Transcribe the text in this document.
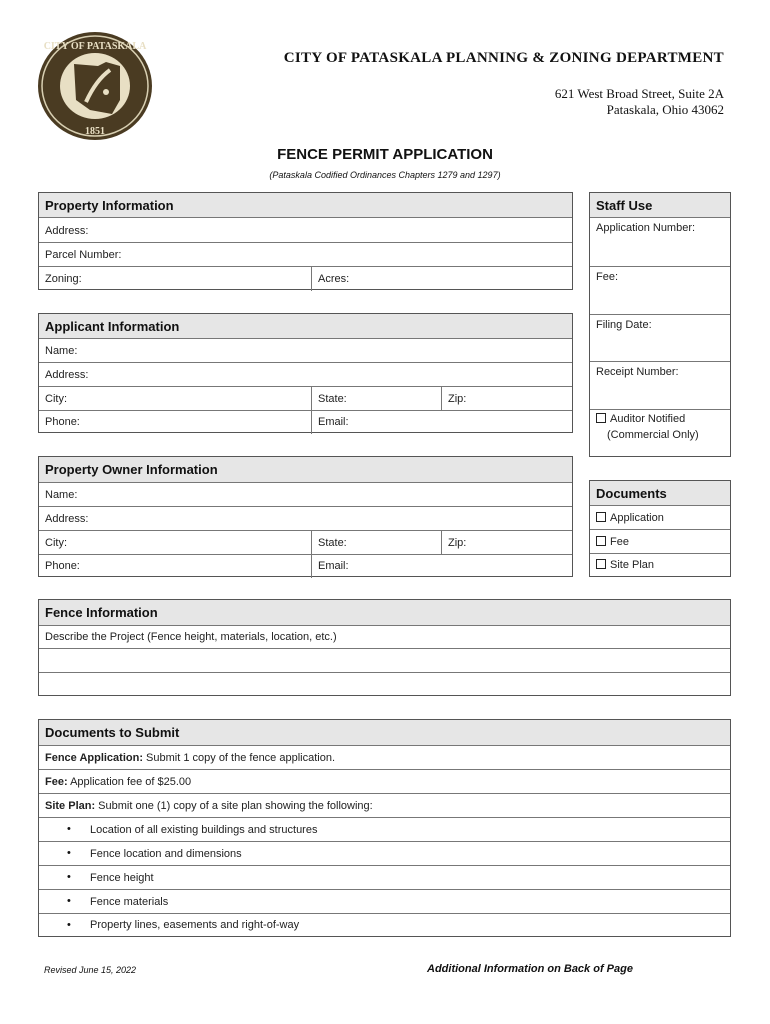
CITY OF PATASKALA
1851
CITY OF PATASKALA PLANNING & ZONING DEPARTMENT
621 West Broad Street, Suite 2A
Pataskala, Ohio 43062
FENCE PERMIT APPLICATION
(Pataskala Codified Ordinances Chapters 1279 and 1297)
Property Information
Address:
Parcel Number:
Zoning:	Acres:
Applicant Information
Name:
Address:
City:	State:	Zip:
Phone:	Email:
Property Owner Information
Name:
Address:
City:	State:	Zip:
Phone:	Email:
Staff Use
Application Number:
Fee:
Filing Date:
Receipt Number:
Auditor Notified
(Commercial Only)
Documents
Application
Fee
Site Plan
Fence Information
Describe the Project (Fence height, materials, location, etc.)
Documents to Submit
Fence Application: Submit 1 copy of the fence application.
Fee: Application fee of $25.00
Site Plan: Submit one (1) copy of a site plan showing the following:
• Location of all existing buildings and structures
• Fence location and dimensions
• Fence height
• Fence materials
• Property lines, easements and right-of-way
Revised June 15, 2022	Additional Information on Back of Page
